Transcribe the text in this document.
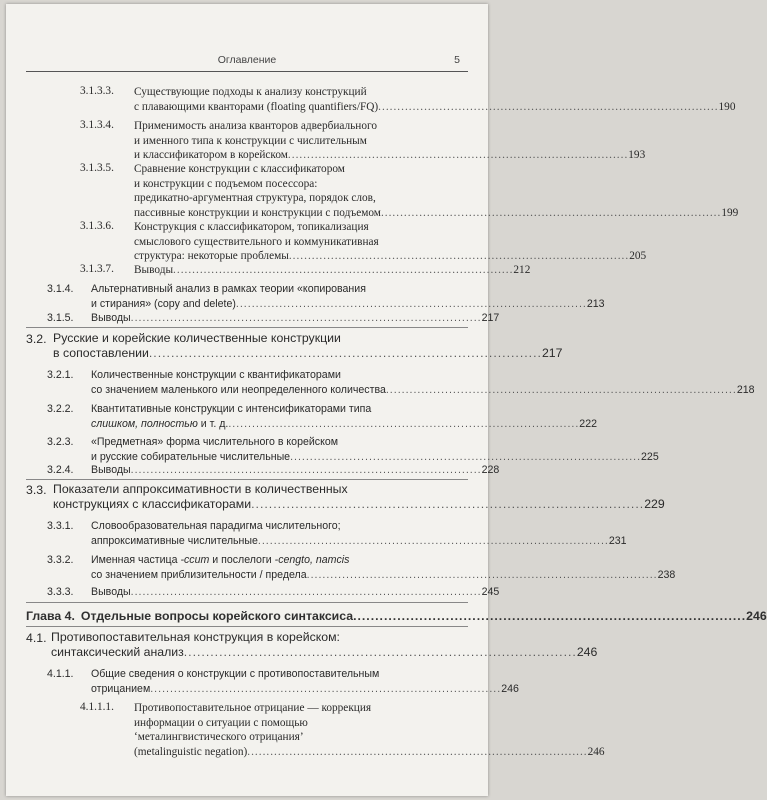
Оглавление	5
3.1.3.3. Существующие подходы к анализу конструкций
с плавающими кванторами (floating quantifiers/FQ) ......................................................................................... 190
3.1.3.4. Применимость анализа кванторов адвербиального
и именного типа к конструкции с числительным
и классификатором в корейском ......................................................................................... 193
3.1.3.5. Сравнение конструкции с классификатором
и конструкции с подъемом посессора:
предикатно-аргументная структура, порядок слов,
пассивные конструкции и конструкции с подъемом ......................................................................................... 199
3.1.3.6. Конструкция с классификатором, топикализация
смыслового существительного и коммуникативная
структура: некоторые проблемы ......................................................................................... 205
3.1.3.7. Выводы ......................................................................................... 212
3.1.4. Альтернативный анализ в рамках теории «копирования
и стирания» (copy and delete) ......................................................................................... 213
3.1.5. Выводы ......................................................................................... 217
3.2. Русские и корейские количественные конструкции
в сопоставлении ......................................................................................... 217
3.2.1. Количественные конструкции с квантификаторами
со значением маленького или неопределенного количества ......................................................................................... 218
3.2.2. Квантитативные конструкции с интенсификаторами типа
слишком, полностью и т. д. ......................................................................................... 222
3.2.3. «Предметная» форма числительного в корейском
и русские собирательные числительные ......................................................................................... 225
3.2.4. Выводы ......................................................................................... 228
3.3. Показатели аппроксимативности в количественных
конструкциях с классификаторами ......................................................................................... 229
3.3.1. Словообразовательная парадигма числительного;
аппроксимативные числительные ......................................................................................... 231
3.3.2. Именная частица -ссит и послелоги -cengto, namcis
со значением приблизительности / предела ......................................................................................... 238
3.3.3. Выводы ......................................................................................... 245
Глава 4. Отдельные вопросы корейского синтаксиса ......................................................................................... 246
4.1. Противопоставительная конструкция в корейском:
синтаксический анализ ......................................................................................... 246
4.1.1. Общие сведения о конструкции с противопоставительным
отрицанием ......................................................................................... 246
4.1.1.1. Противопоставительное отрицание — коррекция
информации о ситуации с помощью
‘металингвистического отрицания’
(metalinguistic negation) ......................................................................................... 246
